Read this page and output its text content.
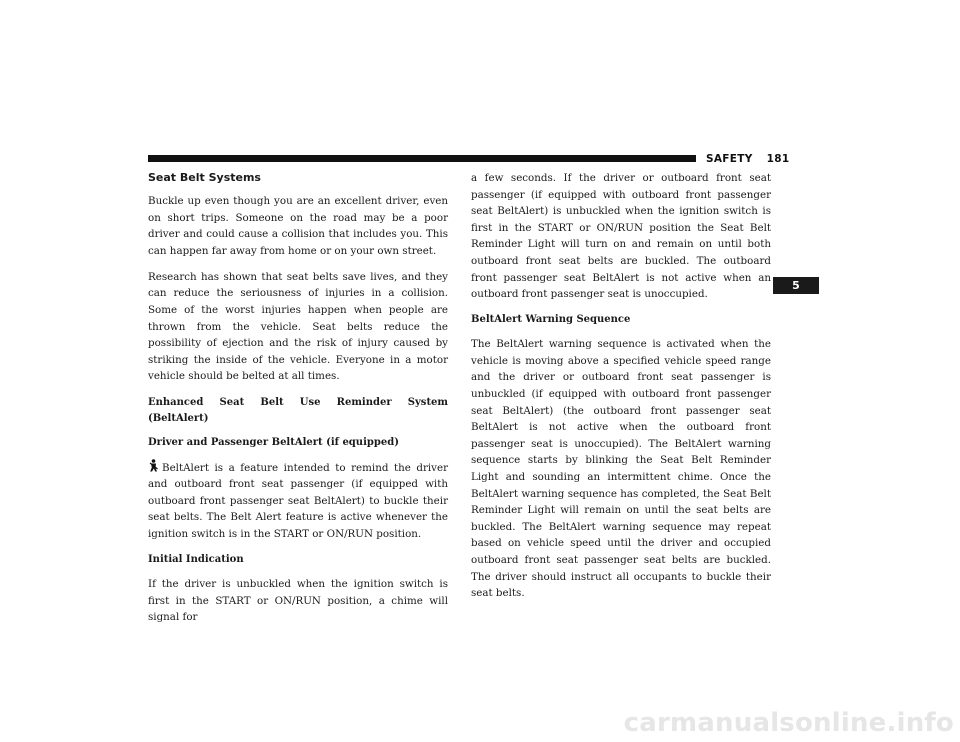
SAFETY 181
5
Seat Belt Systems

Buckle up even though you are an excellent driver, even on short trips. Someone on the road may be a poor driver and could cause a collision that includes you. This can happen far away from home or on your own street.

Research has shown that seat belts save lives, and they can reduce the seriousness of injuries in a collision. Some of the worst injuries happen when people are thrown from the vehicle. Seat belts reduce the possibility of ejection and the risk of injury caused by striking the inside of the vehicle. Everyone in a motor vehicle should be belted at all times.

Enhanced Seat Belt Use Reminder System (BeltAlert)
Driver and Passenger BeltAlert (if equipped)

BeltAlert is a feature intended to remind the driver and outboard front seat passenger (if equipped with outboard front passenger seat BeltAlert) to buckle their seat belts. The Belt Alert feature is active whenever the ignition switch is in the START or ON/RUN position.

Initial Indication

If the driver is unbuckled when the ignition switch is first in the START or ON/RUN position, a chime will signal for

a few seconds. If the driver or outboard front seat passenger (if equipped with outboard front passenger seat BeltAlert) is unbuckled when the ignition switch is first in the START or ON/RUN position the Seat Belt Reminder Light will turn on and remain on until both outboard front seat belts are buckled. The outboard front passenger seat BeltAlert is not active when an outboard front passenger seat is unoccupied.

BeltAlert Warning Sequence

The BeltAlert warning sequence is activated when the vehicle is moving above a specified vehicle speed range and the driver or outboard front seat passenger is unbuckled (if equipped with outboard front passenger seat BeltAlert) (the outboard front passenger seat BeltAlert is not active when the outboard front passenger seat is unoccupied). The BeltAlert warning sequence starts by blinking the Seat Belt Reminder Light and sounding an intermittent chime. Once the BeltAlert warning sequence has completed, the Seat Belt Reminder Light will remain on until the seat belts are buckled. The BeltAlert warning sequence may repeat based on vehicle speed until the driver and occupied outboard front seat passenger seat belts are buckled. The driver should instruct all occupants to buckle their seat belts.

carmanualsonline.info
